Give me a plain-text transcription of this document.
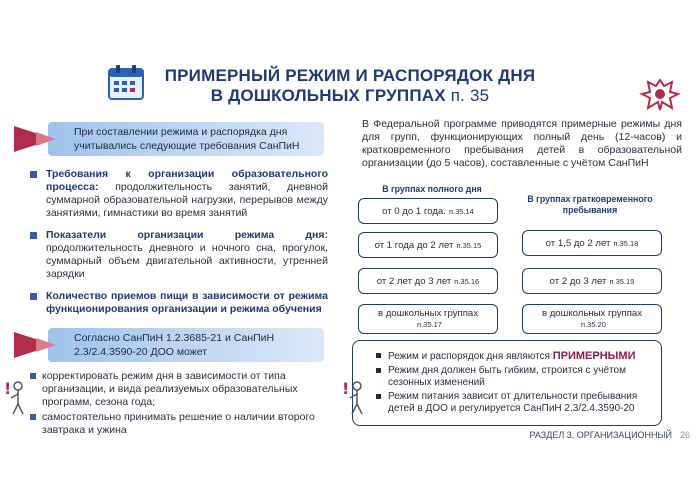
ПРИМЕРНЫЙ РЕЖИМ И РАСПОРЯДОК ДНЯ
В ДОШКОЛЬНЫХ ГРУППАХ п. 35
При составлении режима и распорядка дня учитывались следующие требования СанПиН
Требования к организации образовательного процесса: продолжительность занятий, дневной суммарной образовательной нагрузки, перерывов между занятиями, гимнастики во время занятий
Показатели организации режима дня: продолжительность дневного и ночного сна, прогулок, суммарный объем двигательной активности, утренней зарядки
Количество приемов пищи в зависимости от режима функционирования организации и режима обучения
Согласно СанПиН 1.2.3685-21 и СанПиН 2.3/2.4.3590-20 ДОО может
!
корректировать режим дня в зависимости от типа организации, и вида реализуемых образовательных программ, сезона года;
самостоятельно принимать решение о наличии второго завтрака и ужина
В Федеральной программе приводятся примерные режимы дня для групп, функционирующих полный день (12-часов) и кратковременного пребывания детей в образовательной организации (до 5 часов), составленные с учётом СанПиН
В группах полного дня
В группах гратковременного пребывания
от 0 до 1 года. п.35.14
от 1 года до 2 лет п.35.15
от 2 лет до 3 лет п.35.16
в дошкольных группах
п.35.17
от 1,5 до 2 лет п.35.18
от 2 до 3 лет п.35.19
в дошкольных группах
п.35.20
!
Режим и распорядок дня являются ПРИМЕРНЫМИ
Режим дня должен быть гибким, строится с учётом сезонных изменений
Режим питания зависит от длительности пребывания детей в ДОО и регулируется СанПиН 2.3/2.4.3590-20
РАЗДЕЛ 3. ОРГАНИЗАЦИОННЫЙ 26
